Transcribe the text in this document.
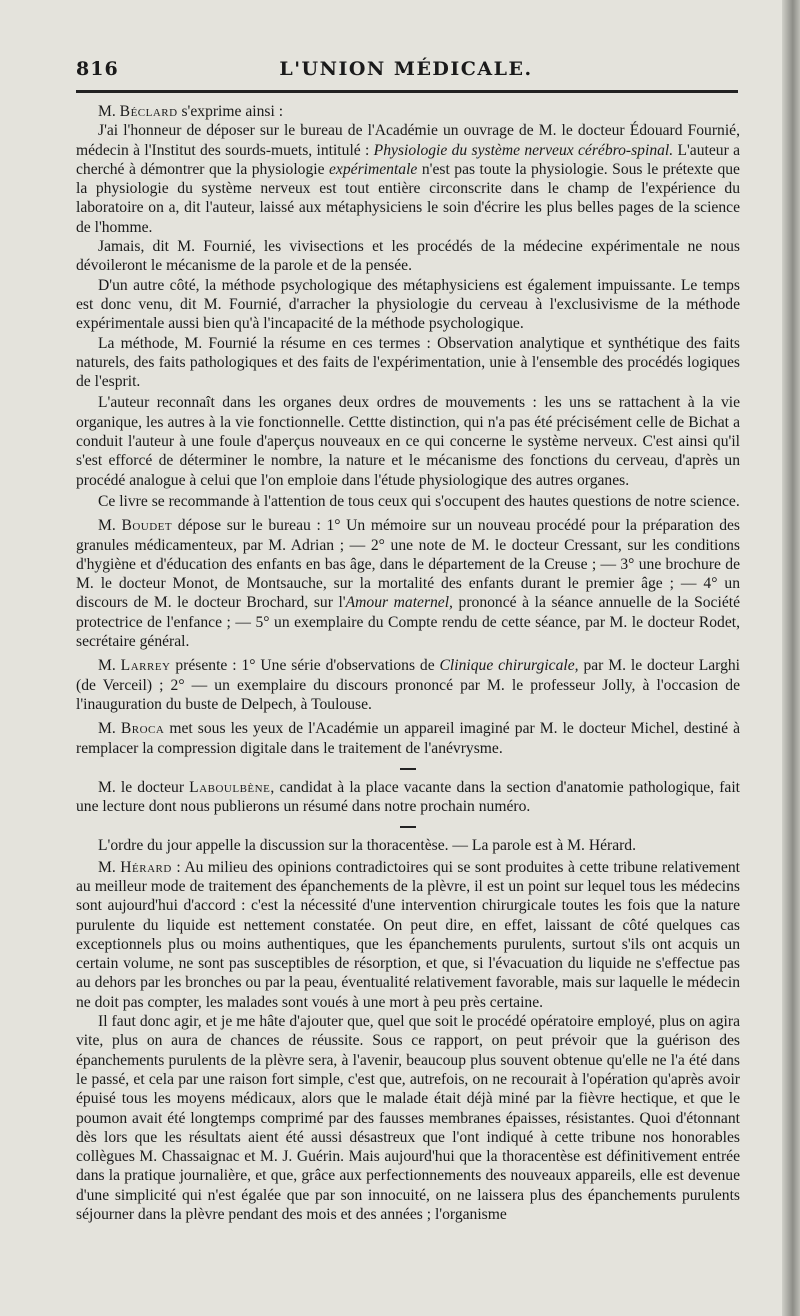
816	L'UNION MÉDICALE.

M. Béclard s'exprime ainsi :

J'ai l'honneur de déposer sur le bureau de l'Académie un ouvrage de M. le docteur Édouard Fournié, médecin à l'Institut des sourds-muets, intitulé : Physiologie du système nerveux cérébro-spinal. L'auteur a cherché à démontrer que la physiologie expérimentale n'est pas toute la physiologie. Sous le prétexte que la physiologie du système nerveux est tout entière circonscrite dans le champ de l'expérience du laboratoire on a, dit l'auteur, laissé aux métaphysiciens le soin d'écrire les plus belles pages de la science de l'homme.

Jamais, dit M. Fournié, les vivisections et les procédés de la médecine expérimentale ne nous dévoileront le mécanisme de la parole et de la pensée.

D'un autre côté, la méthode psychologique des métaphysiciens est également impuissante. Le temps est donc venu, dit M. Fournié, d'arracher la physiologie du cerveau à l'exclusivisme de la méthode expérimentale aussi bien qu'à l'incapacité de la méthode psychologique.

La méthode, M. Fournié la résume en ces termes : Observation analytique et synthétique des faits naturels, des faits pathologiques et des faits de l'expérimentation, unie à l'ensemble des procédés logiques de l'esprit.

L'auteur reconnaît dans les organes deux ordres de mouvements : les uns se rattachent à la vie organique, les autres à la vie fonctionnelle. Cettte distinction, qui n'a pas été précisément celle de Bichat a conduit l'auteur à une foule d'aperçus nouveaux en ce qui concerne le système nerveux. C'est ainsi qu'il s'est efforcé de déterminer le nombre, la nature et le mécanisme des fonctions du cerveau, d'après un procédé analogue à celui que l'on emploie dans l'étude physiologique des autres organes.

Ce livre se recommande à l'attention de tous ceux qui s'occupent des hautes questions de notre science.

M. Boudet dépose sur le bureau : 1° Un mémoire sur un nouveau procédé pour la préparation des granules médicamenteux, par M. Adrian ; — 2° une note de M. le docteur Cressant, sur les conditions d'hygiène et d'éducation des enfants en bas âge, dans le département de la Creuse ; — 3° une brochure de M. le docteur Monot, de Montsauche, sur la mortalité des enfants durant le premier âge ; — 4° un discours de M. le docteur Brochard, sur l'Amour maternel, prononcé à la séance annuelle de la Société protectrice de l'enfance ; — 5° un exemplaire du Compte rendu de cette séance, par M. le docteur Rodet, secrétaire général.

M. Larrey présente : 1° Une série d'observations de Clinique chirurgicale, par M. le docteur Larghi (de Verceil) ; 2° — un exemplaire du discours prononcé par M. le professeur Jolly, à l'occasion de l'inauguration du buste de Delpech, à Toulouse.

M. Broca met sous les yeux de l'Académie un appareil imaginé par M. le docteur Michel, destiné à remplacer la compression digitale dans le traitement de l'anévrysme.

M. le docteur Laboulbène, candidat à la place vacante dans la section d'anatomie pathologique, fait une lecture dont nous publierons un résumé dans notre prochain numéro.

L'ordre du jour appelle la discussion sur la thoracentèse. — La parole est à M. Hérard.

M. Hérard : Au milieu des opinions contradictoires qui se sont produites à cette tribune relativement au meilleur mode de traitement des épanchements de la plèvre, il est un point sur lequel tous les médecins sont aujourd'hui d'accord : c'est la nécessité d'une intervention chirurgicale toutes les fois que la nature purulente du liquide est nettement constatée. On peut dire, en effet, laissant de côté quelques cas exceptionnels plus ou moins authentiques, que les épanchements purulents, surtout s'ils ont acquis un certain volume, ne sont pas susceptibles de résorption, et que, si l'évacuation du liquide ne s'effectue pas au dehors par les bronches ou par la peau, éventualité relativement favorable, mais sur laquelle le médecin ne doit pas compter, les malades sont voués à une mort à peu près certaine.

Il faut donc agir, et je me hâte d'ajouter que, quel que soit le procédé opératoire employé, plus on agira vite, plus on aura de chances de réussite. Sous ce rapport, on peut prévoir que la guérison des épanchements purulents de la plèvre sera, à l'avenir, beaucoup plus souvent obtenue qu'elle ne l'a été dans le passé, et cela par une raison fort simple, c'est que, autrefois, on ne recourait à l'opération qu'après avoir épuisé tous les moyens médicaux, alors que le malade était déjà miné par la fièvre hectique, et que le poumon avait été longtemps comprimé par des fausses membranes épaisses, résistantes. Quoi d'étonnant dès lors que les résultats aient été aussi désastreux que l'ont indiqué à cette tribune nos honorables collègues M. Chassaignac et M. J. Guérin. Mais aujourd'hui que la thoracentèse est définitivement entrée dans la pratique journalière, et que, grâce aux perfectionnements des nouveaux appareils, elle est devenue d'une simplicité qui n'est égalée que par son innocuité, on ne laissera plus des épanchements purulents séjourner dans la plèvre pendant des mois et des années ; l'organisme
